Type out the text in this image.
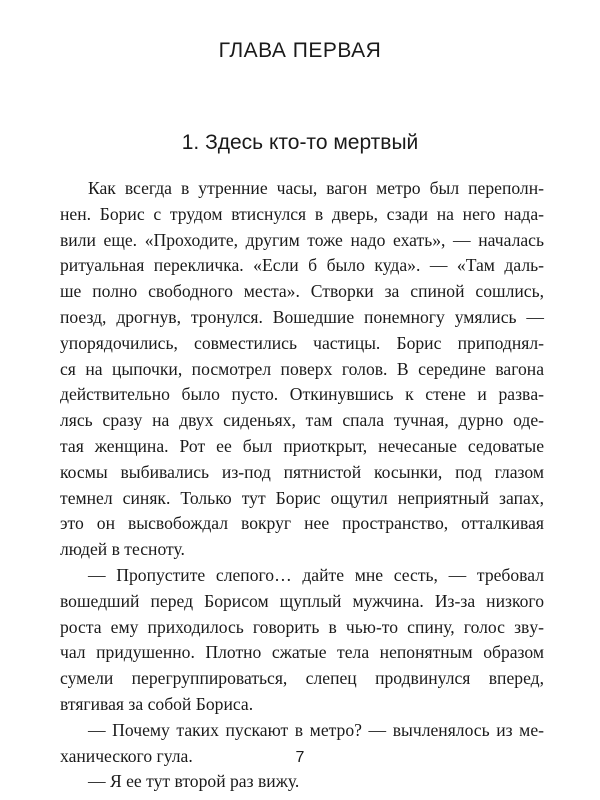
ГЛАВА ПЕРВАЯ
1. Здесь кто-то мертвый
Как всегда в утренние часы, вагон метро был переполн-
нен. Борис с трудом втиснулся в дверь, сзади на него нада-
вили еще. «Проходите, другим тоже надо ехать», — началась
ритуальная перекличка. «Если б было куда». — «Там даль-
ше полно свободного места». Створки за спиной сошлись,
поезд, дрогнув, тронулся. Вошедшие понемногу умялись —
упорядочились, совместились частицы. Борис приподнял-
ся на цыпочки, посмотрел поверх голов. В середине вагона
действительно было пусто. Откинувшись к стене и развa-
лясь сразу на двух сиденьях, там спала тучная, дурно оде-
тая женщина. Рот ее был приоткрыт, нечесаные седоватые
космы выбивались из-под пятнистой косынки, под глазом
темнел синяк. Только тут Борис ощутил неприятный запах,
это он высвобождал вокруг нее пространство, отталкивая
людей в тесноту.
— Пропустите слепого… дайте мне сесть, — требовал
вошедший перед Борисом щуплый мужчина. Из-за низкого
роста ему приходилось говорить в чью-то спину, голос звy-
чал придушенно. Плотно сжатые тела непонятным образом
сумели перегруппироваться, слепец продвинулся вперед,
втягивая за собой Бориса.
— Почему таких пускают в метро? — вычленялось из ме-
ханического гула.
— Я ее тут второй раз вижу.
7
